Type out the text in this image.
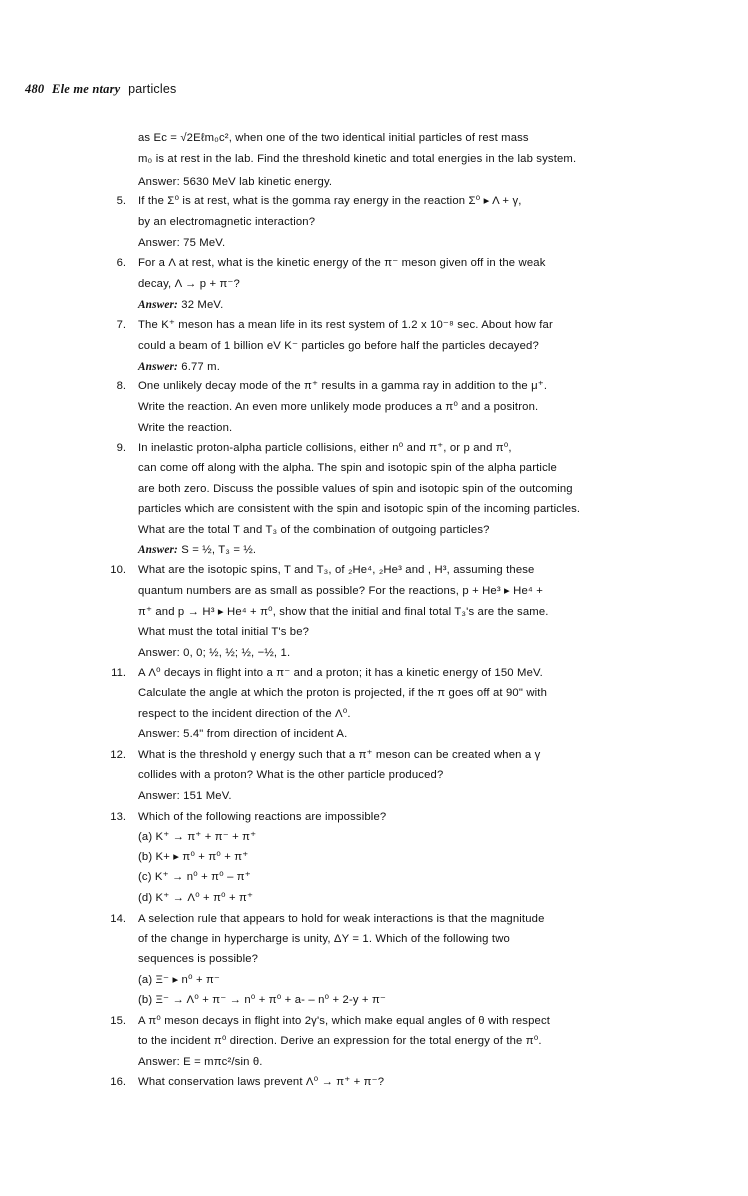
480 Ele me ntary particles
as Ec = √2Eℓm₀c², when one of the two identical initial particles of rest mass
m₀ is at rest in the lab. Find the threshold kinetic and total energies in the lab system.
Answer: 5630 MeV lab kinetic energy.
5. If the Σ⁰ is at rest, what is the gomma ray energy in the reaction Σ⁰ ▸ Λ + γ,
by an electromagnetic interaction?
Answer: 75 MeV.
6. For a Λ at rest, what is the kinetic energy of the π⁻ meson given off in the weak
decay, Λ → p + π⁻?
Answer: 32 MeV.
7. The K⁺ meson has a mean life in its rest system of 1.2 x 10⁻⁸ sec. About how far
could a beam of 1 billion eV K⁻ particles go before half the particles decayed?
Answer: 6.77 m.
8. One unlikely decay mode of the π⁺ results in a gamma ray in addition to the μ⁺.
Write the reaction. An even more unlikely mode produces a π⁰ and a positron.
Write the reaction.
9. In inelastic proton-alpha particle collisions, either n⁰ and π⁺, or p and π⁰,
can come off along with the alpha. The spin and isotopic spin of the alpha particle
are both zero. Discuss the possible values of spin and isotopic spin of the outcoming
particles which are consistent with the spin and isotopic spin of the incoming particles.
What are the total T and T₃ of the combination of outgoing particles?
Answer: S = ½, T₃ = ½.
10. What are the isotopic spins, T and T₃, of ₂He⁴, ₂He³ and , H³, assuming these
quantum numbers are as small as possible? For the reactions, p + He³ ▸ He⁴ +
π⁺ and p → H³ ▸ He⁴ + π⁰, show that the initial and final total T₃'s are the same.
What must the total initial T's be?
Answer: 0, 0; ½, ½; ½, −½, 1.
11. A Λ⁰ decays in flight into a π⁻ and a proton; it has a kinetic energy of 150 MeV.
Calculate the angle at which the proton is projected, if the π goes off at 90" with
respect to the incident direction of the Λ⁰.
Answer: 5.4" from direction of incident A.
12. What is the threshold γ energy such that a π⁺ meson can be created when a γ
collides with a proton? What is the other particle produced?
Answer: 151 MeV.
13. Which of the following reactions are impossible?
(a) K⁺ → π⁺ + π⁻ + π⁺
(b) K+ ▸ π⁰ + π⁰ + π⁺
(c) K⁺ → n⁰ + π⁰ ‒ π⁺
(d) K⁺ → Λ⁰ + π⁰ + π⁺
14. A selection rule that appears to hold for weak interactions is that the magnitude
of the change in hypercharge is unity, ΔY = 1. Which of the following two
sequences is possible?
(a) Ξ⁻ ▸ n⁰ + π⁻
(b) Ξ⁻ → Λ⁰ + π⁻ → n⁰ + π⁰ + a- ‒ n⁰ + 2-y + π⁻
15. A π⁰ meson decays in flight into 2γ's, which make equal angles of θ with respect
to the incident π⁰ direction. Derive an expression for the total energy of the π⁰.
Answer: E = mπc²/sin θ.
16. What conservation laws prevent Λ⁰ → π⁺ + π⁻?
